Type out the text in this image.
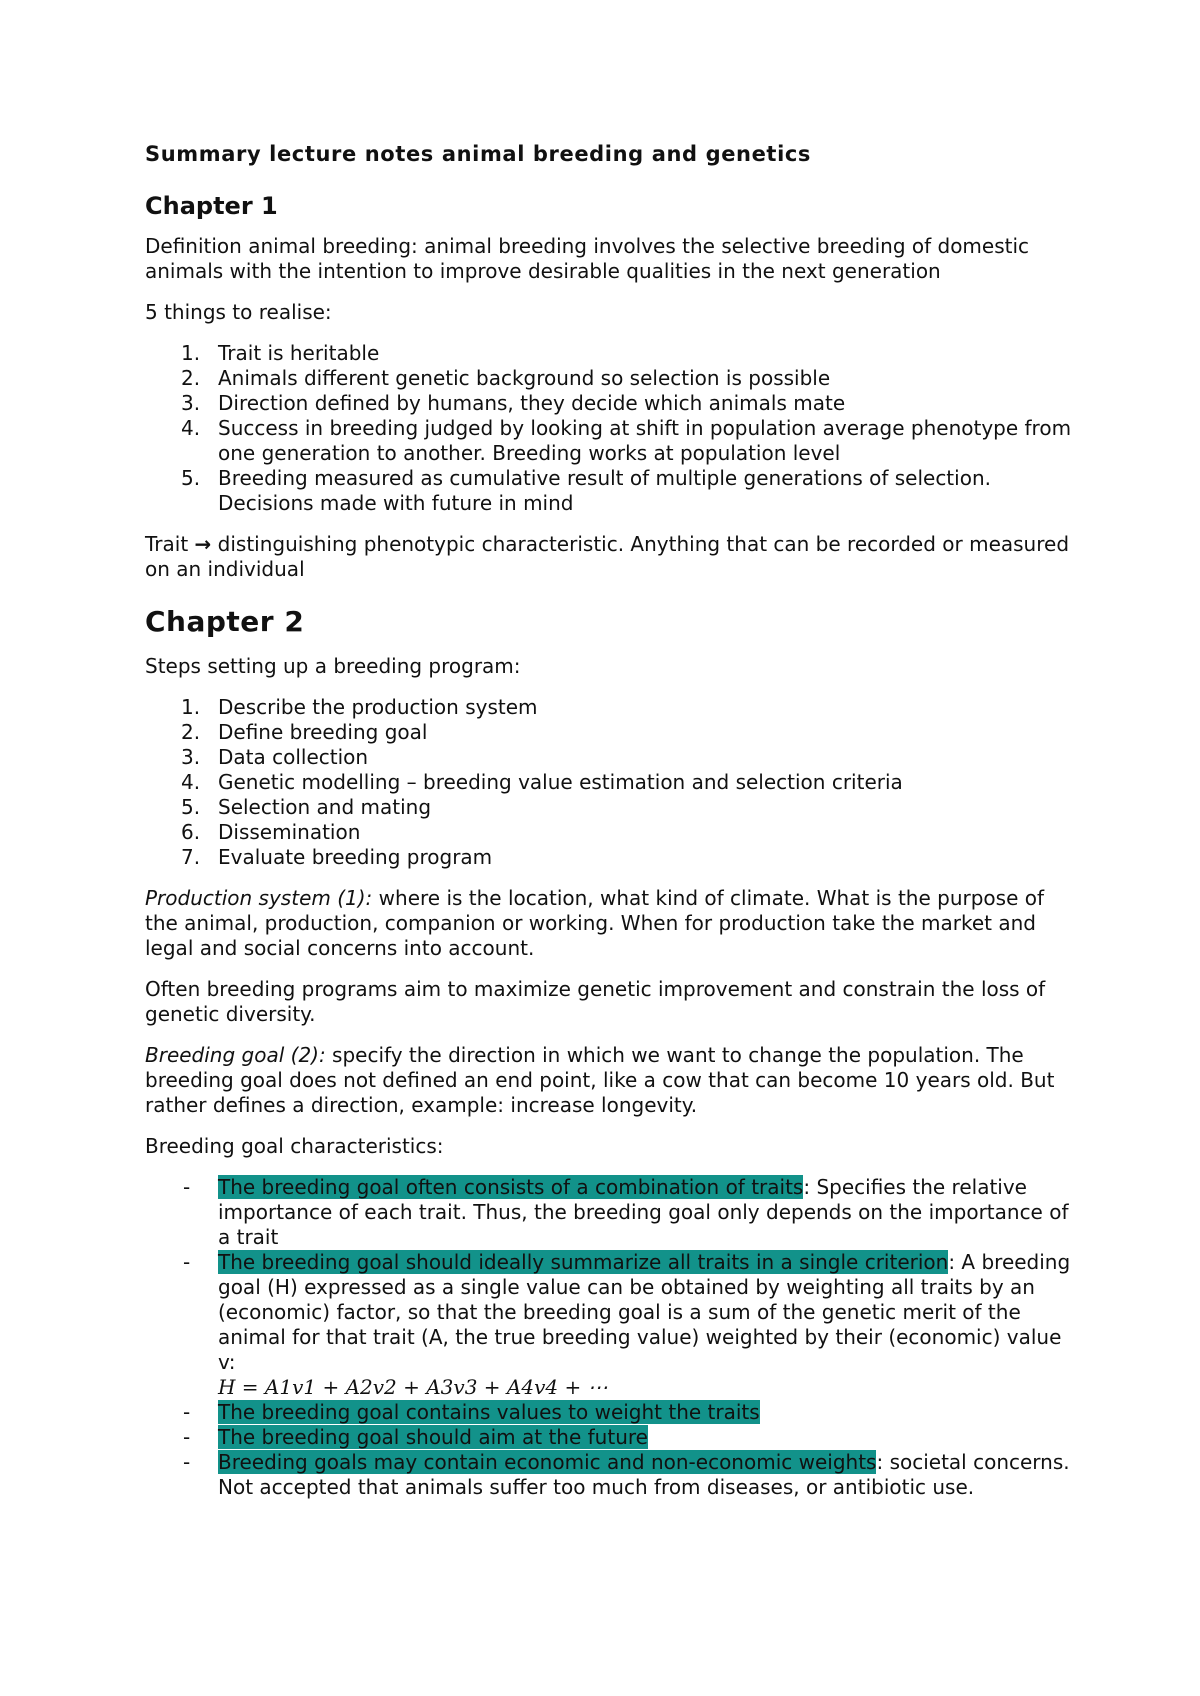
Summary lecture notes animal breeding and genetics
Chapter 1

Definition animal breeding: animal breeding involves the selective breeding of domestic animals with the intention to improve desirable qualities in the next generation

5 things to realise:

1. Trait is heritable
2. Animals different genetic background so selection is possible
3. Direction defined by humans, they decide which animals mate
4. Success in breeding judged by looking at shift in population average phenotype from one generation to another. Breeding works at population level
5. Breeding measured as cumulative result of multiple generations of selection. Decisions made with future in mind

Trait → distinguishing phenotypic characteristic. Anything that can be recorded or measured on an individual

Chapter 2

Steps setting up a breeding program:

1. Describe the production system
2. Define breeding goal
3. Data collection
4. Genetic modelling – breeding value estimation and selection criteria
5. Selection and mating
6. Dissemination
7. Evaluate breeding program

Production system (1): where is the location, what kind of climate. What is the purpose of the animal, production, companion or working. When for production take the market and legal and social concerns into account.

Often breeding programs aim to maximize genetic improvement and constrain the loss of genetic diversity.

Breeding goal (2): specify the direction in which we want to change the population. The breeding goal does not defined an end point, like a cow that can become 10 years old. But rather defines a direction, example: increase longevity.

Breeding goal characteristics:

- The breeding goal often consists of a combination of traits: Specifies the relative importance of each trait. Thus, the breeding goal only depends on the importance of a trait
- The breeding goal should ideally summarize all traits in a single criterion: A breeding goal (H) expressed as a single value can be obtained by weighting all traits by an (economic) factor, so that the breeding goal is a sum of the genetic merit of the animal for that trait (A, the true breeding value) weighted by their (economic) value v:
H = A1v1 + A2v2 + A3v3 + A4v4 + ⋯
- The breeding goal contains values to weight the traits
- The breeding goal should aim at the future
- Breeding goals may contain economic and non-economic weights: societal concerns. Not accepted that animals suffer too much from diseases, or antibiotic use.
